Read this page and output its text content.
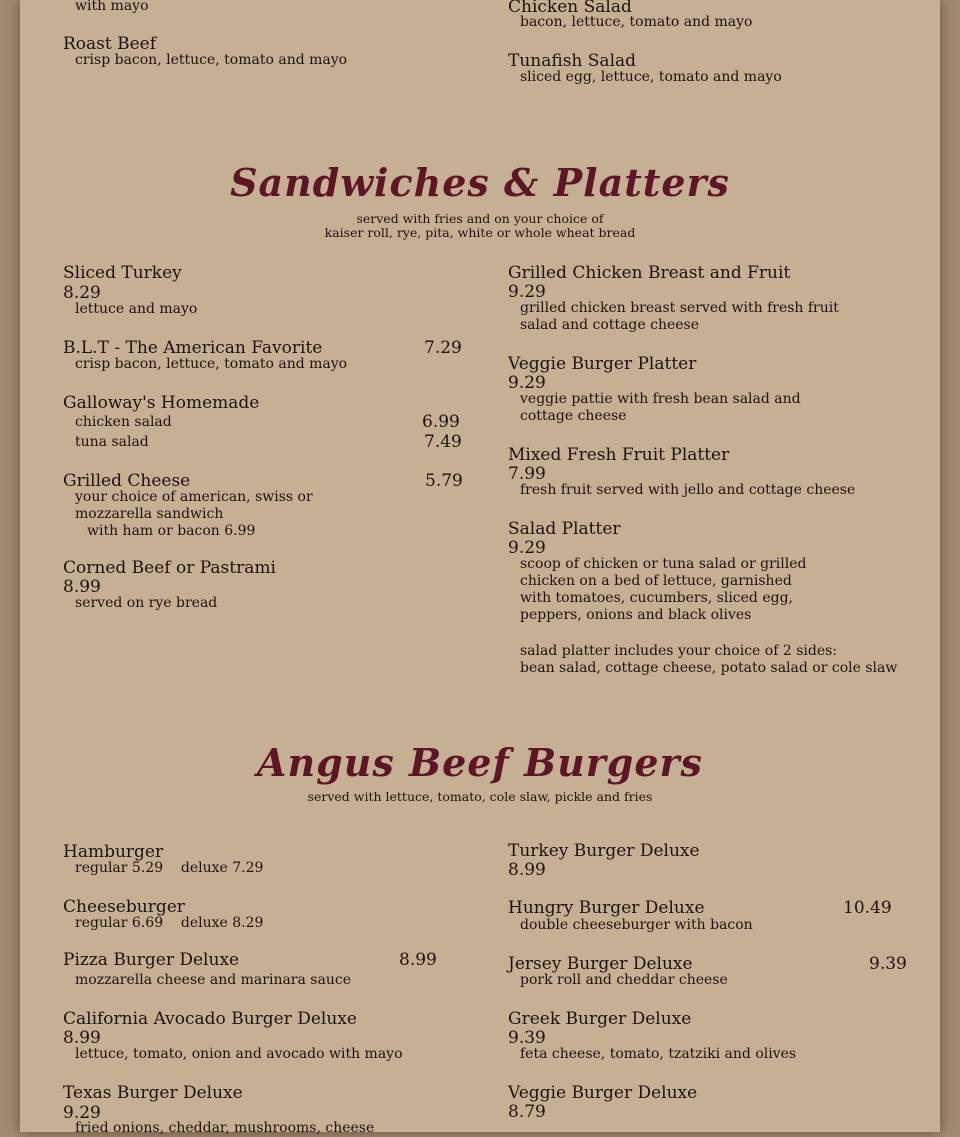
with mayo
Roast Beef
crisp bacon, lettuce, tomato and mayo
Chicken Salad
bacon, lettuce, tomato and mayo
Tunafish Salad
sliced egg, lettuce, tomato and mayo
Sandwiches & Platters
served with fries and on your choice of
kaiser roll, rye, pita, white or whole wheat bread
Sliced Turkey
8.29
lettuce and mayo
B.L.T - The American Favorite	7.29
crisp bacon, lettuce, tomato and mayo
Galloway's Homemade
chicken salad	6.99
tuna salad	7.49
Grilled Cheese	5.79
your choice of american, swiss or
mozzarella sandwich
with ham or bacon 6.99
Corned Beef or Pastrami
8.99
served on rye bread
Grilled Chicken Breast and Fruit
9.29
grilled chicken breast served with fresh fruit
salad and cottage cheese
Veggie Burger Platter
9.29
veggie pattie with fresh bean salad and
cottage cheese
Mixed Fresh Fruit Platter
7.99
fresh fruit served with jello and cottage cheese
Salad Platter
9.29
scoop of chicken or tuna salad or grilled
chicken on a bed of lettuce, garnished
with tomatoes, cucumbers, sliced egg,
peppers, onions and black olives
salad platter includes your choice of 2 sides:
bean salad, cottage cheese, potato salad or cole slaw
Angus Beef Burgers
served with lettuce, tomato, cole slaw, pickle and fries
Hamburger
regular 5.29    deluxe 7.29
Cheeseburger
regular 6.69    deluxe 8.29
Pizza Burger Deluxe	8.99
mozzarella cheese and marinara sauce
California Avocado Burger Deluxe
8.99
lettuce, tomato, onion and avocado with mayo
Texas Burger Deluxe
9.29
fried onions, cheddar, mushrooms, cheese
Turkey Burger Deluxe
8.99
Hungry Burger Deluxe	10.49
double cheeseburger with bacon
Jersey Burger Deluxe	9.39
pork roll and cheddar cheese
Greek Burger Deluxe
9.39
feta cheese, tomato, tzatziki and olives
Veggie Burger Deluxe
8.79
